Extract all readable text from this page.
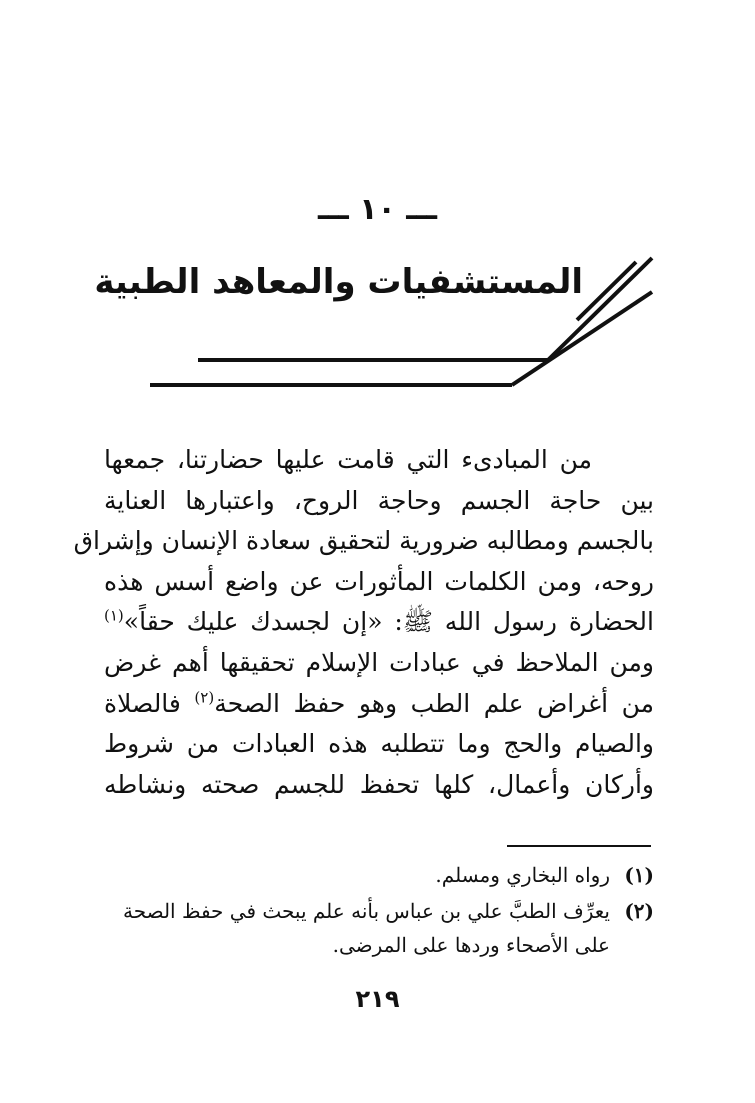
ـــ ١٠ ـــ
المستشفيات والمعاهد الطبية
من المبادىء التي قامت عليها حضارتنا، جمعها
بين حاجة الجسم وحاجة الروح، واعتبارها العناية
بالجسم ومطالبه ضرورية لتحقيق سعادة الإنسان وإشراق
روحه، ومن الكلمات المأثورات عن واضع أسس هذه
الحضارة رسول الله ﷺ: «إن لجسدك عليك حقاً»$^{(١)}$
ومن الملاحظ في عبادات الإسلام تحقيقها أهم غرض
من أغراض علم الطب وهو حفظ الصحة$^{(٢)}$ فالصلاة
والصيام والحج وما تتطلبه هذه العبادات من شروط
وأركان وأعمال، كلها تحفظ للجسم صحته ونشاطه
(١)
رواه البخاري ومسلم.
(٢)
يعرِّف الطبَّ علي بن عباس بأنه علم يبحث في حفظ الصحة
على الأصحاء وردها على المرضى.
٢١٩
